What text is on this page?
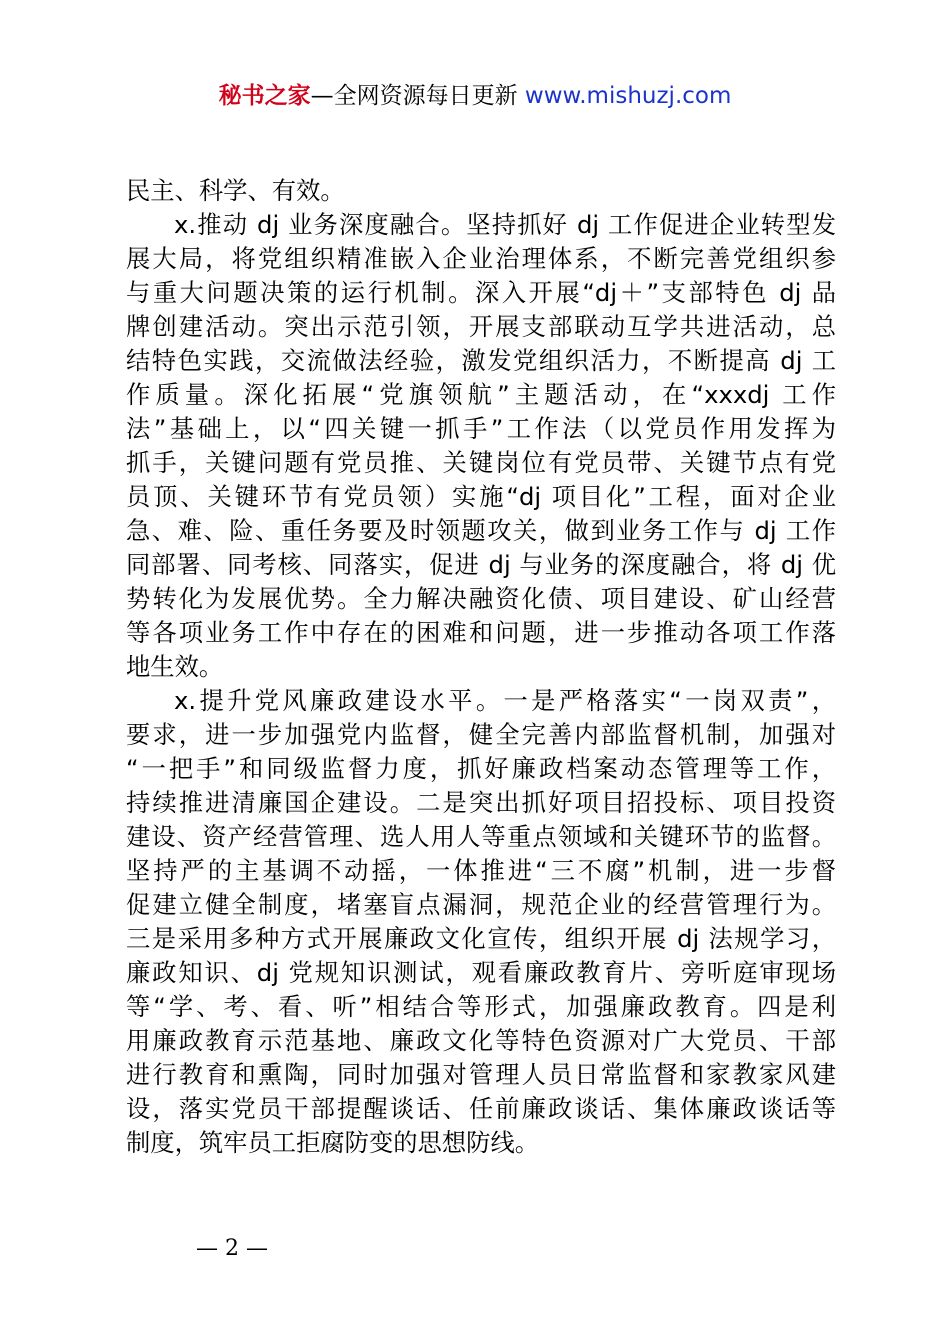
秘书之家—全网资源每日更新 www.mishuzj.com
民主、科学、有效。
x.推动 dj 业务深度融合。坚持抓好 dj 工作促进企业转型发
展大局，将党组织精准嵌入企业治理体系，不断完善党组织参
与重大问题决策的运行机制。深入开展“dj＋”支部特色 dj 品
牌创建活动。突出示范引领，开展支部联动互学共进活动，总
结特色实践，交流做法经验，激发党组织活力，不断提高 dj 工
作质量。深化拓展“党旗领航”主题活动，在“xxxdj 工作
法”基础上，以“四关键一抓手”工作法（以党员作用发挥为
抓手，关键问题有党员推、关键岗位有党员带、关键节点有党
员顶、关键环节有党员领）实施“dj 项目化”工程，面对企业
急、难、险、重任务要及时领题攻关，做到业务工作与 dj 工作
同部署、同考核、同落实，促进 dj 与业务的深度融合，将 dj 优
势转化为发展优势。全力解决融资化债、项目建设、矿山经营
等各项业务工作中存在的困难和问题，进一步推动各项工作落
地生效。
x.提升党风廉政建设水平。一是严格落实“一岗双责”，
要求，进一步加强党内监督，健全完善内部监督机制，加强对
“一把手”和同级监督力度，抓好廉政档案动态管理等工作，
持续推进清廉国企建设。二是突出抓好项目招投标、项目投资
建设、资产经营管理、选人用人等重点领域和关键环节的监督。
坚持严的主基调不动摇，一体推进“三不腐”机制，进一步督
促建立健全制度，堵塞盲点漏洞，规范企业的经营管理行为。
三是采用多种方式开展廉政文化宣传，组织开展 dj 法规学习，
廉政知识、dj 党规知识测试，观看廉政教育片、旁听庭审现场
等“学、考、看、听”相结合等形式，加强廉政教育。四是利
用廉政教育示范基地、廉政文化等特色资源对广大党员、干部
进行教育和熏陶，同时加强对管理人员日常监督和家教家风建
设，落实党员干部提醒谈话、任前廉政谈话、集体廉政谈话等
制度，筑牢员工拒腐防变的思想防线。
— 2 —
